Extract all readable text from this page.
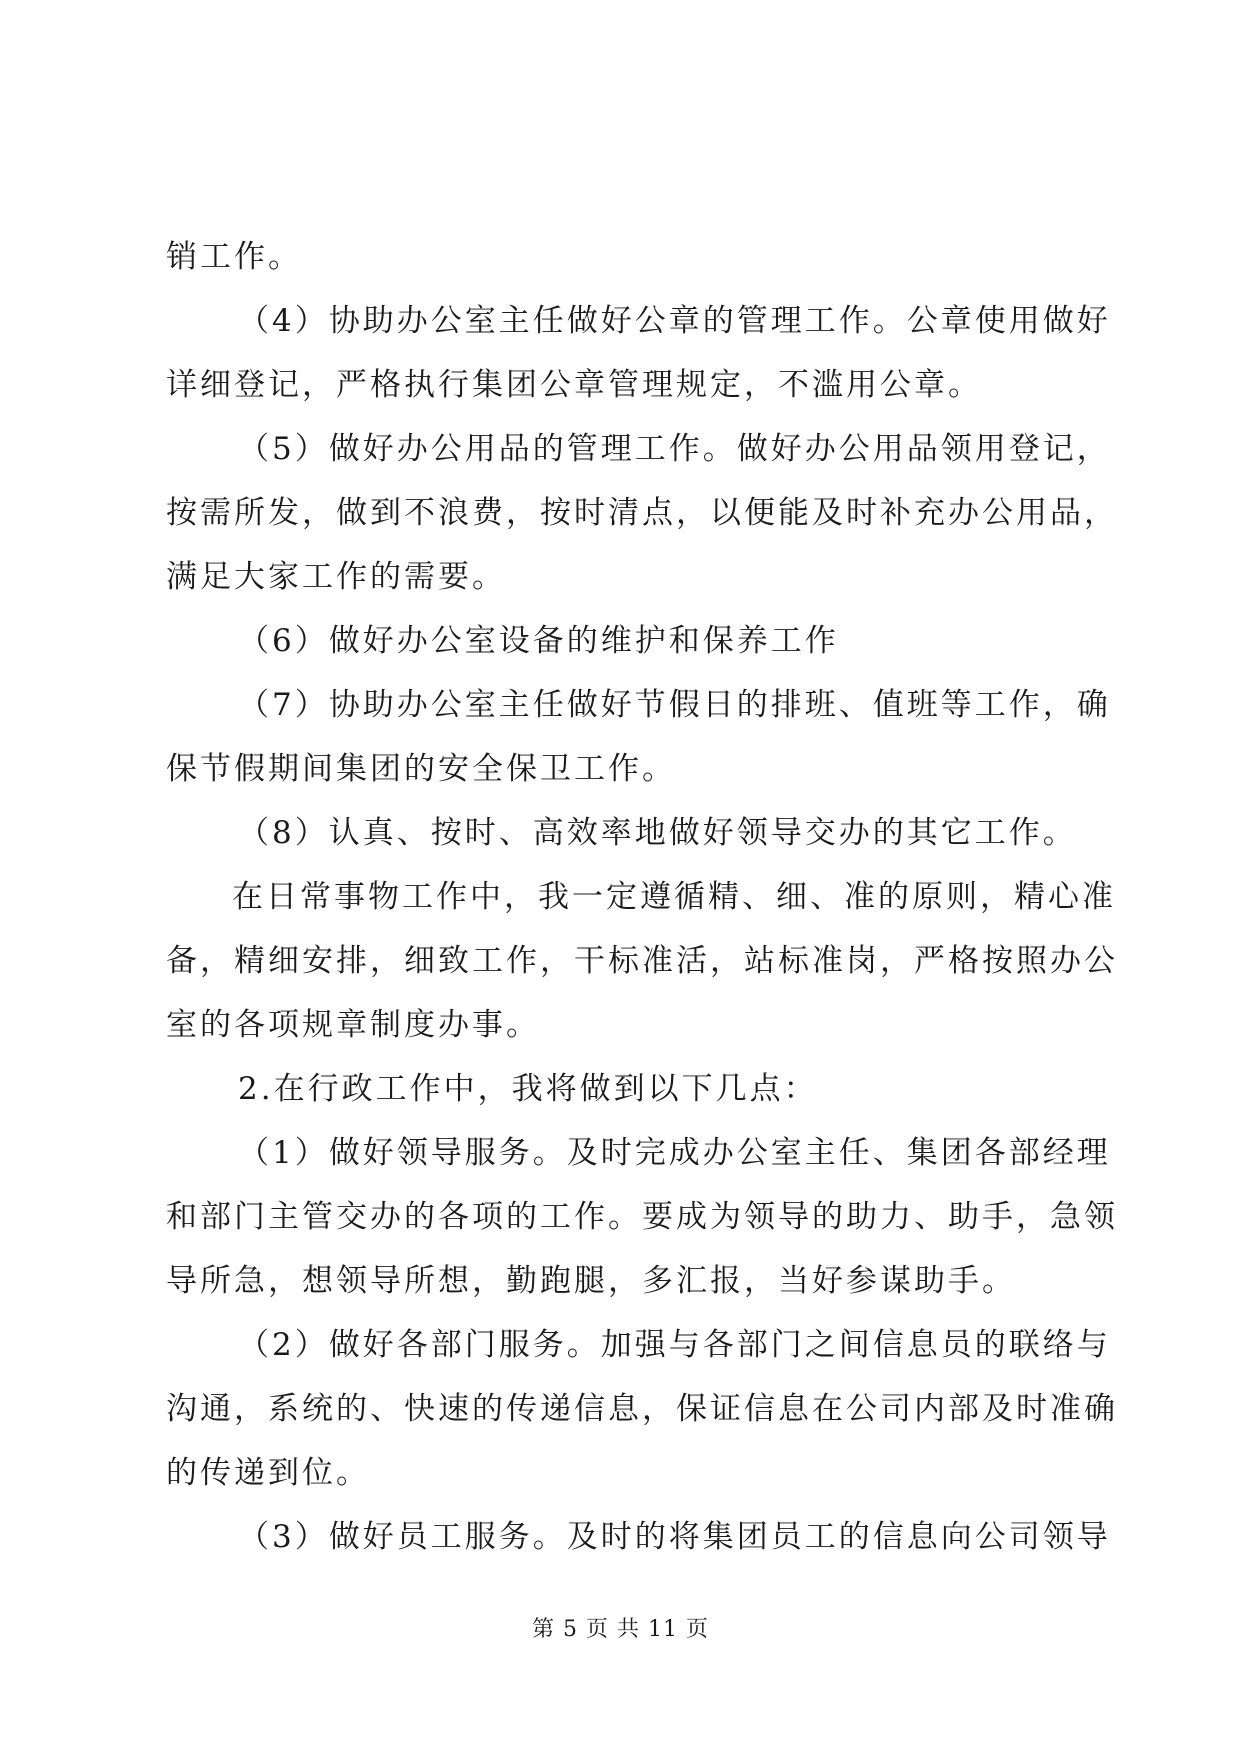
销工作。
（4）协助办公室主任做好公章的管理工作。公章使用做好
详细登记，严格执行集团公章管理规定，不滥用公章。
（5）做好办公用品的管理工作。做好办公用品领用登记，
按需所发，做到不浪费，按时清点，以便能及时补充办公用品，
满足大家工作的需要。
（6）做好办公室设备的维护和保养工作
（7）协助办公室主任做好节假日的排班、值班等工作，确
保节假期间集团的安全保卫工作。
（8）认真、按时、高效率地做好领导交办的其它工作。
在日常事物工作中，我一定遵循精、细、准的原则，精心准
备，精细安排，细致工作，干标准活，站标准岗，严格按照办公
室的各项规章制度办事。
2.在行政工作中，我将做到以下几点：
（1）做好领导服务。及时完成办公室主任、集团各部经理
和部门主管交办的各项的工作。要成为领导的助力、助手，急领
导所急，想领导所想，勤跑腿，多汇报，当好参谋助手。
（2）做好各部门服务。加强与各部门之间信息员的联络与
沟通，系统的、快速的传递信息，保证信息在公司内部及时准确
的传递到位。
（3）做好员工服务。及时的将集团员工的信息向公司领导
第 5 页 共 11 页
